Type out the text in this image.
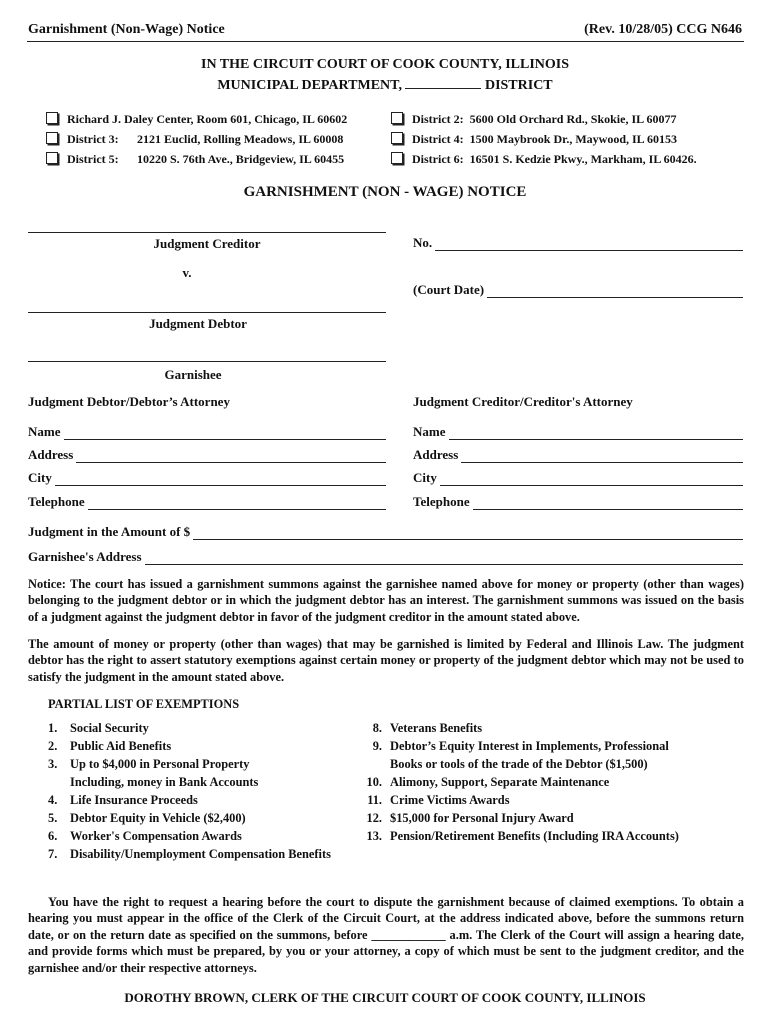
Garnishment (Non-Wage) Notice	(Rev. 10/28/05) CCG N646
IN THE CIRCUIT COURT OF COOK COUNTY, ILLINOIS
MUNICIPAL DEPARTMENT,	DISTRICT
Richard J. Daley Center, Room 601, Chicago, IL 60602	District 2: 5600 Old Orchard Rd., Skokie, IL 60077
District 3: 2121 Euclid, Rolling Meadows, IL 60008	District 4: 1500 Maybrook Dr., Maywood, IL 60153
District 5: 10220 S. 76th Ave., Bridgeview, IL 60455	District 6: 16501 S. Kedzie Pkwy., Markham, IL 60426.
GARNISHMENT (NON - WAGE) NOTICE
Judgment Creditor
v.
Judgment Debtor
Garnishee
No.
(Court Date)
Judgment Debtor/Debtor’s Attorney	Judgment Creditor/Creditor's Attorney
Name
Address
City
Telephone
Name
Address
City
Telephone
Judgment in the Amount of $
Garnishee's Address
Notice: The court has issued a garnishment summons against the garnishee named above for money or property (other than wages) belonging to the judgment debtor or in which the judgment debtor has an interest. The garnishment summons was issued on the basis of a judgment against the judgment debtor in favor of the judgment creditor in the amount stated above.
The amount of money or property (other than wages) that may be garnished is limited by Federal and Illinois Law. The judgment debtor has the right to assert statutory exemptions against certain money or property of the judgment debtor which may not be used to satisfy the judgment in the amount stated above.
PARTIAL LIST OF EXEMPTIONS
1. Social Security
2. Public Aid Benefits
3. Up to $4,000 in Personal Property
Including, money in Bank Accounts
4. Life Insurance Proceeds
5. Debtor Equity in Vehicle ($2,400)
6. Worker's Compensation Awards
7. Disability/Unemployment Compensation Benefits
8. Veterans Benefits
9. Debtor’s Equity Interest in Implements, Professional
Books or tools of the trade of the Debtor ($1,500)
10. Alimony, Support, Separate Maintenance
11. Crime Victims Awards
12. $15,000 for Personal Injury Award
13. Pension/Retirement Benefits (Including IRA Accounts)
You have the right to request a hearing before the court to dispute the garnishment because of claimed exemptions. To obtain a hearing you must appear in the office of the Clerk of the Circuit Court, at the address indicated above, before the summons return date, or on the return date as specified on the summons, before ____________ a.m. The Clerk of the Court will assign a hearing date, and provide forms which must be prepared, by you or your attorney, a copy of which must be sent to the judgment creditor, and the garnishee and/or their respective attorneys.
DOROTHY BROWN, CLERK OF THE CIRCUIT COURT OF COOK COUNTY, ILLINOIS
